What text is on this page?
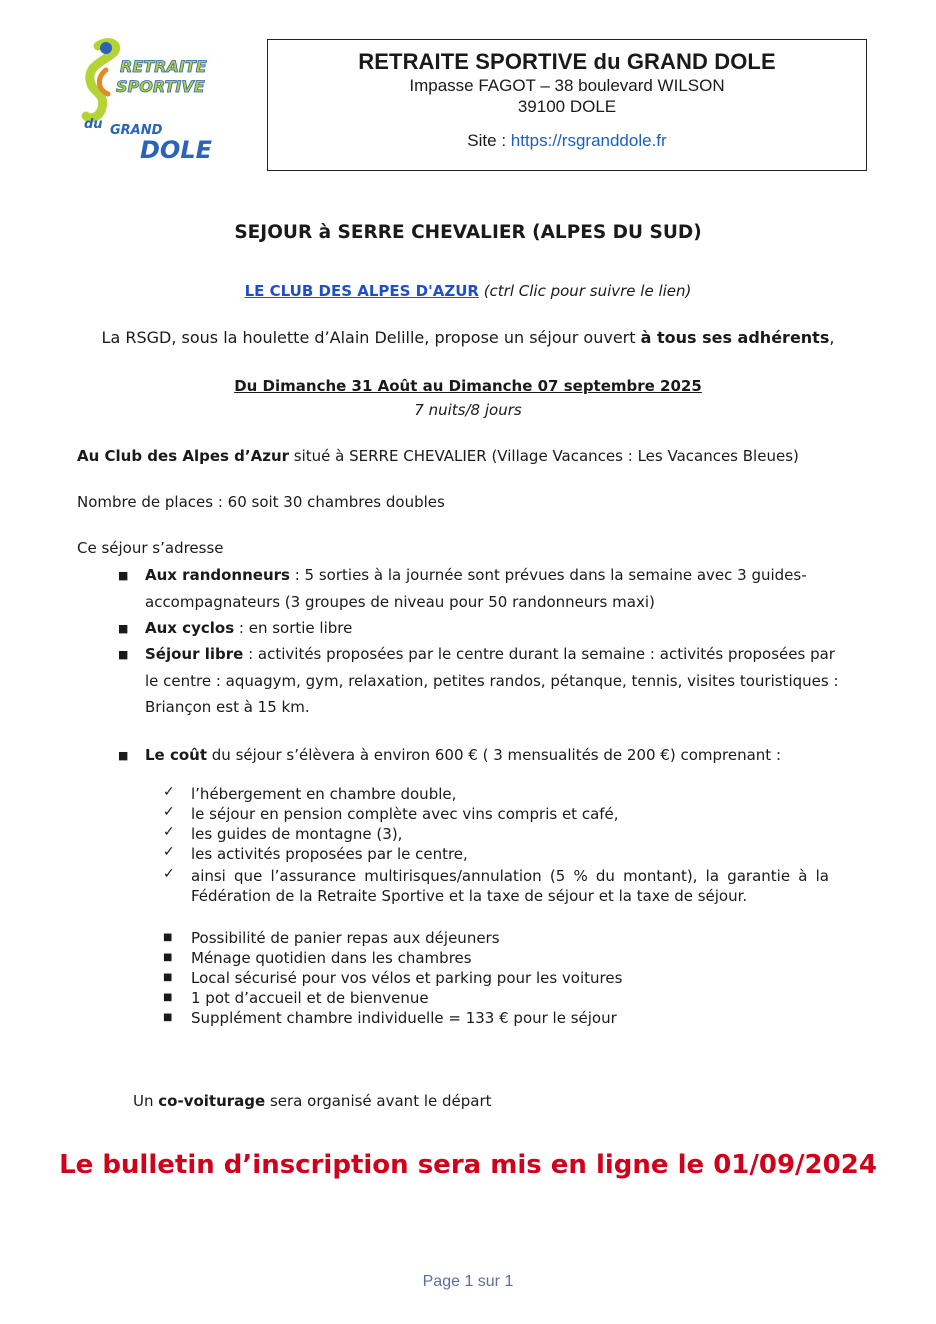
RETRAITE
SPORTIVE
du GRAND
DOLE
RETRAITE SPORTIVE du GRAND DOLE
Impasse FAGOT – 38 boulevard WILSON
39100 DOLE
Site : https://rsgranddole.fr
SEJOUR à SERRE CHEVALIER (ALPES DU SUD)
LE CLUB DES ALPES D'AZUR (ctrl Clic pour suivre le lien)
La RSGD, sous la houlette d’Alain Delille, propose un séjour ouvert à tous ses adhérents,
Du Dimanche 31 Août au Dimanche 07 septembre 2025
7 nuits/8 jours
Au Club des Alpes d’Azur situé à SERRE CHEVALIER (Village Vacances : Les Vacances Bleues)
Nombre de places : 60 soit 30 chambres doubles
Ce séjour s’adresse
■ Aux randonneurs : 5 sorties à la journée sont prévues dans la semaine avec 3 guides-accompagnateurs (3 groupes de niveau pour 50 randonneurs maxi)
■ Aux cyclos : en sortie libre
■ Séjour libre : activités proposées par le centre durant la semaine : activités proposées par le centre : aquagym, gym, relaxation, petites randos, pétanque, tennis, visites touristiques : Briançon est à 15 km.
■ Le coût du séjour s’élèvera à environ 600 € ( 3 mensualités de 200 €) comprenant :
✓ l’hébergement en chambre double,
✓ le séjour en pension complète avec vins compris et café,
✓ les guides de montagne (3),
✓ les activités proposées par le centre,
✓ ainsi que l’assurance multirisques/annulation (5 % du montant), la garantie à la Fédération de la Retraite Sportive et la taxe de séjour et la taxe de séjour.
■ Possibilité de panier repas aux déjeuners
■ Ménage quotidien dans les chambres
■ Local sécurisé pour vos vélos et parking pour les voitures
■ 1 pot d’accueil et de bienvenue
■ Supplément chambre individuelle = 133 € pour le séjour
Un co-voiturage sera organisé avant le départ
Le bulletin d’inscription sera mis en ligne le 01/09/2024
Page 1 sur 1
